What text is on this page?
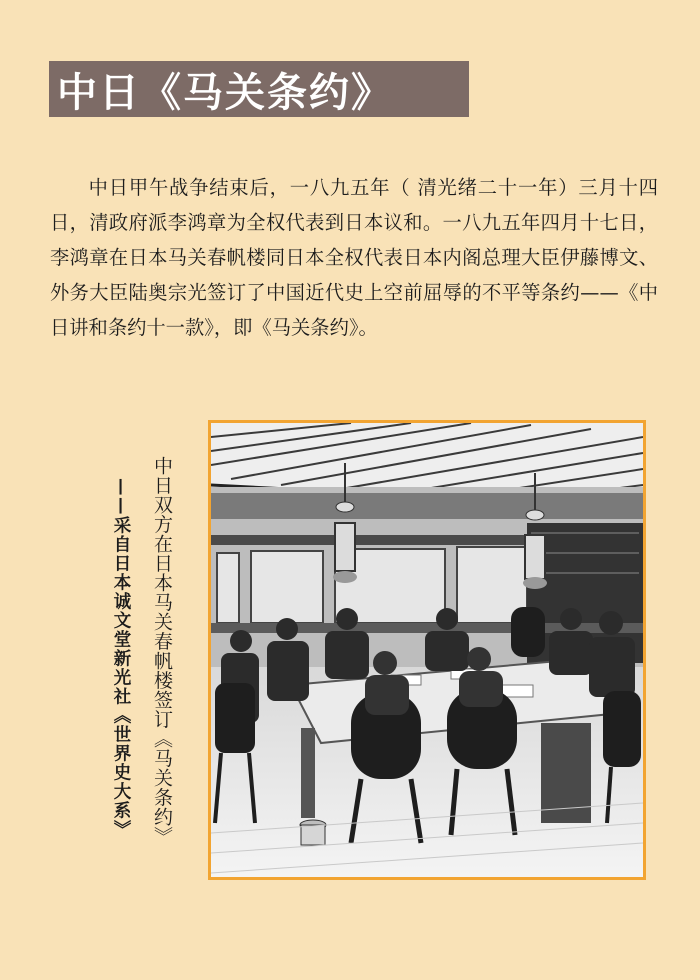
中日《马关条约》

中日甲午战争结束后，一八九五年（ 清光绪二十一年）三月十四日，清政府派李鸿章为全权代表到日本议和。一八九五年四月十七日，李鸿章在日本马关春帆楼同日本全权代表日本内阁总理大臣伊藤博文、外务大臣陆奥宗光签订了中国近代史上空前屈辱的不平等条约——《中日讲和条约十一款》，即《马关条约》。

中日双方在日本马关春帆楼签订《马关条约》
——采自日本诚文堂新光社《世界史大系》
